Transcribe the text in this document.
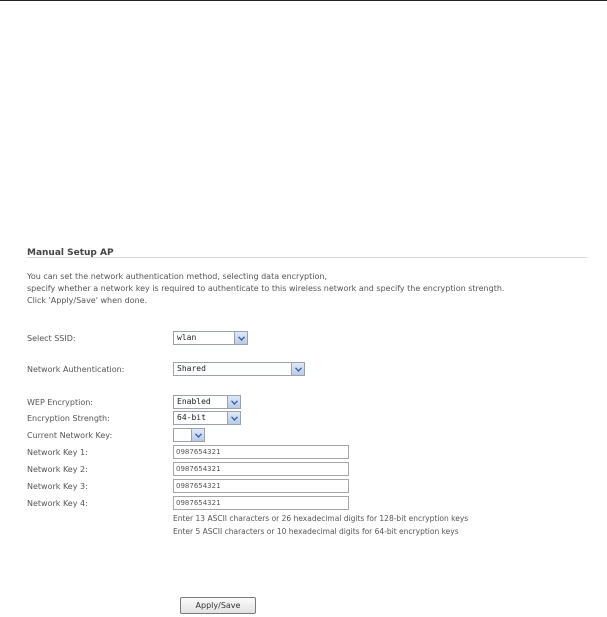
Manual Setup AP
You can set the network authentication method, selecting data encryption,
specify whether a network key is required to authenticate to this wireless network and specify the encryption strength.
Click 'Apply/Save' when done.
Select SSID:	wlan
Network Authentication:	Shared
WEP Encryption:	Enabled
Encryption Strength:	64-bit
Current Network Key:
Network Key 1:
0987654321
Network Key 2:
0987654321
Network Key 3:
0987654321
Network Key 4:
0987654321
Enter 13 ASCII characters or 26 hexadecimal digits for 128-bit encryption keys
Enter 5 ASCII characters or 10 hexadecimal digits for 64-bit encryption keys
Apply/Save
